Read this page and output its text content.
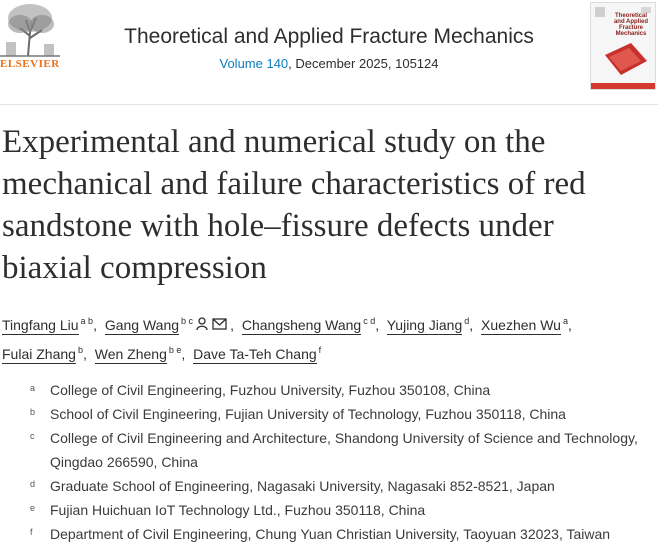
ELSEVIER
Theoretical and Applied Fracture Mechanics
Volume 140, December 2025, 105124
Theoretical and Applied Fracture Mechanics
Experimental and numerical study on the
mechanical and failure characteristics of red
sandstone with hole–fissure defects under
biaxial compression
Tingfang Liu $^{a b}$, Gang Wang $^{b c}$	, Changsheng Wang $^{c d}$, Yujing Jiang $^d$, Xuezhen Wu $^a$,
Fulai Zhang $^b$, Wen Zheng $^{b e}$, Dave Ta-Teh Chang $^f$
a College of Civil Engineering, Fuzhou University, Fuzhou 350108, China
b School of Civil Engineering, Fujian University of Technology, Fuzhou 350118, China
c College of Civil Engineering and Architecture, Shandong University of Science and Technology, Qingdao 266590, China
d Graduate School of Engineering, Nagasaki University, Nagasaki 852-8521, Japan
e Fujian Huichuan IoT Technology Ltd., Fuzhou 350118, China
f Department of Civil Engineering, Chung Yuan Christian University, Taoyuan 32023, Taiwan
